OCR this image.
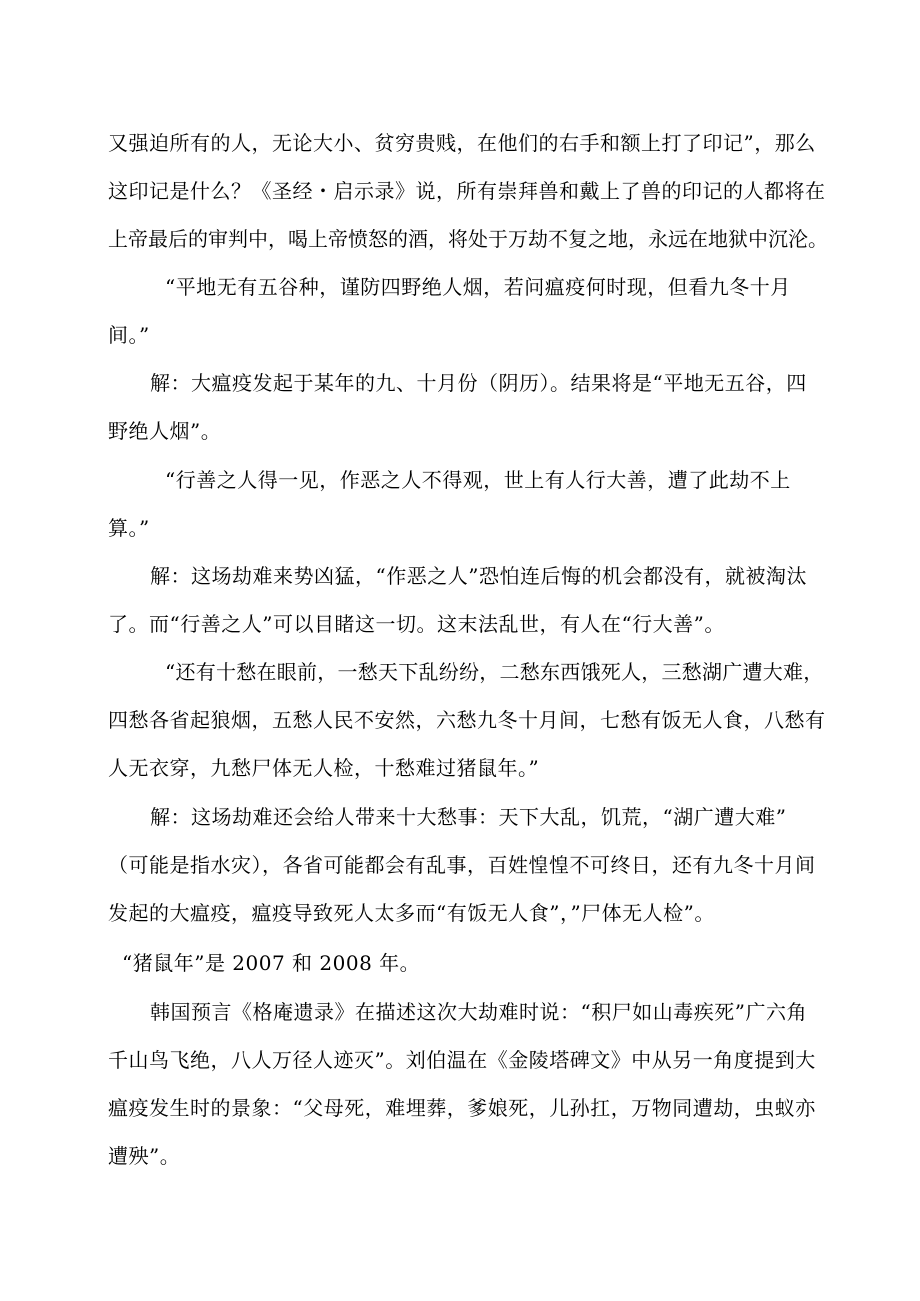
又强迫所有的人，无论大小、贫穷贵贱，在他们的右手和额上打了印记”，那么
这印记是什么？《圣经・启示录》说，所有崇拜兽和戴上了兽的印记的人都将在
上帝最后的审判中，喝上帝愤怒的酒，将处于万劫不复之地，永远在地狱中沉沦。
“平地无有五谷种，谨防四野绝人烟，若问瘟疫何时现，但看九冬十月
间。”
解：大瘟疫发起于某年的九、十月份（阴历）。结果将是“平地无五谷，四
野绝人烟”。
“行善之人得一见，作恶之人不得观，世上有人行大善，遭了此劫不上
算。”
解：这场劫难来势凶猛，“作恶之人”恐怕连后悔的机会都没有，就被淘汰
了。而“行善之人”可以目睹这一切。这末法乱世，有人在“行大善”。
“还有十愁在眼前，一愁天下乱纷纷，二愁东西饿死人，三愁湖广遭大难，
四愁各省起狼烟，五愁人民不安然，六愁九冬十月间，七愁有饭无人食，八愁有
人无衣穿，九愁尸体无人检，十愁难过猪鼠年。”
解：这场劫难还会给人带来十大愁事：天下大乱，饥荒，“湖广遭大难”
（可能是指水灾），各省可能都会有乱事，百姓惶惶不可终日，还有九冬十月间
发起的大瘟疫，瘟疫导致死人太多而“有饭无人食”，”尸体无人检”。
“猪鼠年”是 2007 和 2008 年。
韩国预言《格庵遗录》在描述这次大劫难时说：“积尸如山毒疾死”广六角
千山鸟飞绝，八人万径人迹灭”。刘伯温在《金陵塔碑文》中从另一角度提到大
瘟疫发生时的景象：“父母死，难埋葬，爹娘死，儿孙扛，万物同遭劫，虫蚁亦
遭殃”。
